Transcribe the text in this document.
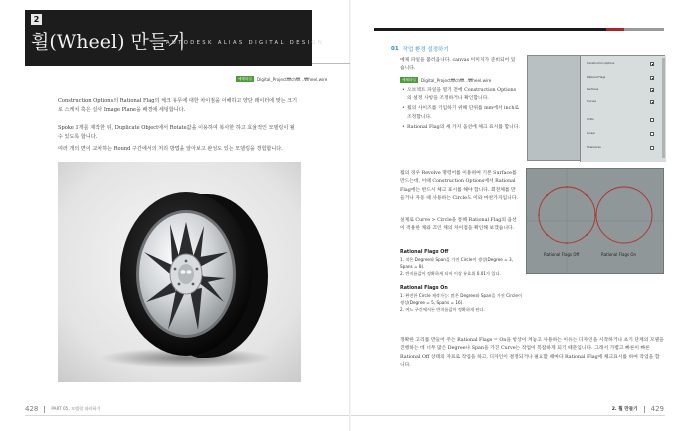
2
휠(Wheel) 만들기
AUTODESK ALIAS DIGITAL DESIGN
예제파일	Digital_Project₩ch₩...₩heel.wire

Construction Options의 Rational Flag의 체크 유무에 대한 차이점을 이해하고 양단 래이터에 맞는 크기로 스케치 혹은 실사 Image Plane을 배경에 세팅합니다.

Spoke 1개를 제작한 뒤, Duplicate Object에서 Rotate값을 이용하여 복사한 하고 효율적인 모델링이 될 수 있도록 합니다.

여러 개의 면이 교차하는 Round 구간에서의 처리 방법을 알아보고 완성도 있는 모델링을 경험합니다.

428	PART 05, 모델링 따라하기
01 작업 환경 설정하기

예제 파일을 불러옵니다. canvas 이미지가 준비되어 있습니다.

예제파일	Digital_Project₩ch₩...₩heel.wire
• 오브젝트 파일을 열기 전에 Construction Options의 설정 사항을 조정하거나 확인합니다.
• 휠의 사이즈를 기입하기 위해 단위를 mm에서 inch로 조정합니다.
• Rational Flag의 세 가지 옵션에 체크 표시를 합니다.

휠의 경우 Revolve 명령어를 이용하여 기본 Surface를 만드는데, 이때 Construction Options에서 Rational Flag에는 반드시 체크 표시를 해야 합니다. 회전체를 만들거나 자동 때 사용하는 Circle도 이와 마찬가지입니다.

실제로 Curve > Circle을 통해 Rational Flag의 옵션이 적용한 채와 끄인 채의 차이점을 확인해 보겠습니다.

Rational Flags Off
1. 작은 Degree와 Span을 가진 Circle이 생성(Degree = 3, Spans = 8).
2. 반지름값이 정확하게 되어 이상 유효위 0.01가 있다.
Rational Flags On
1. 완전한 Circle 제작가능: 많은 Degree와 Span을 가진 Circle이 생성(Degree = 5, Spans = 16).
2. 여느 구간에서든 반지름값이 정확하게 된다.

정확한 고리를 만들어 주는 Rational Flags = On을 항상이 켜놓고 사용하는 이유는 디자인을 시작하거나 초기 단계의 모델을 진행하는 데 너무 많은 Degree나 Span을 가진 Curve는 작업이 복잡하게 되기 때문입니다. 그래서 가볍고 빠른이 빠른 Rational Off 상태의 자료로 작업을 하고, 디자인이 결정되거나 필요할 때마다 Rational Flag에 체크표시를 하여 작업을 합니다.

Construction Options
Rational Flags
Surfaces
Curves
Units
Linear
Tolerances
Rational Flags Off	Rational Flags On
2. 휠 만들기 429
